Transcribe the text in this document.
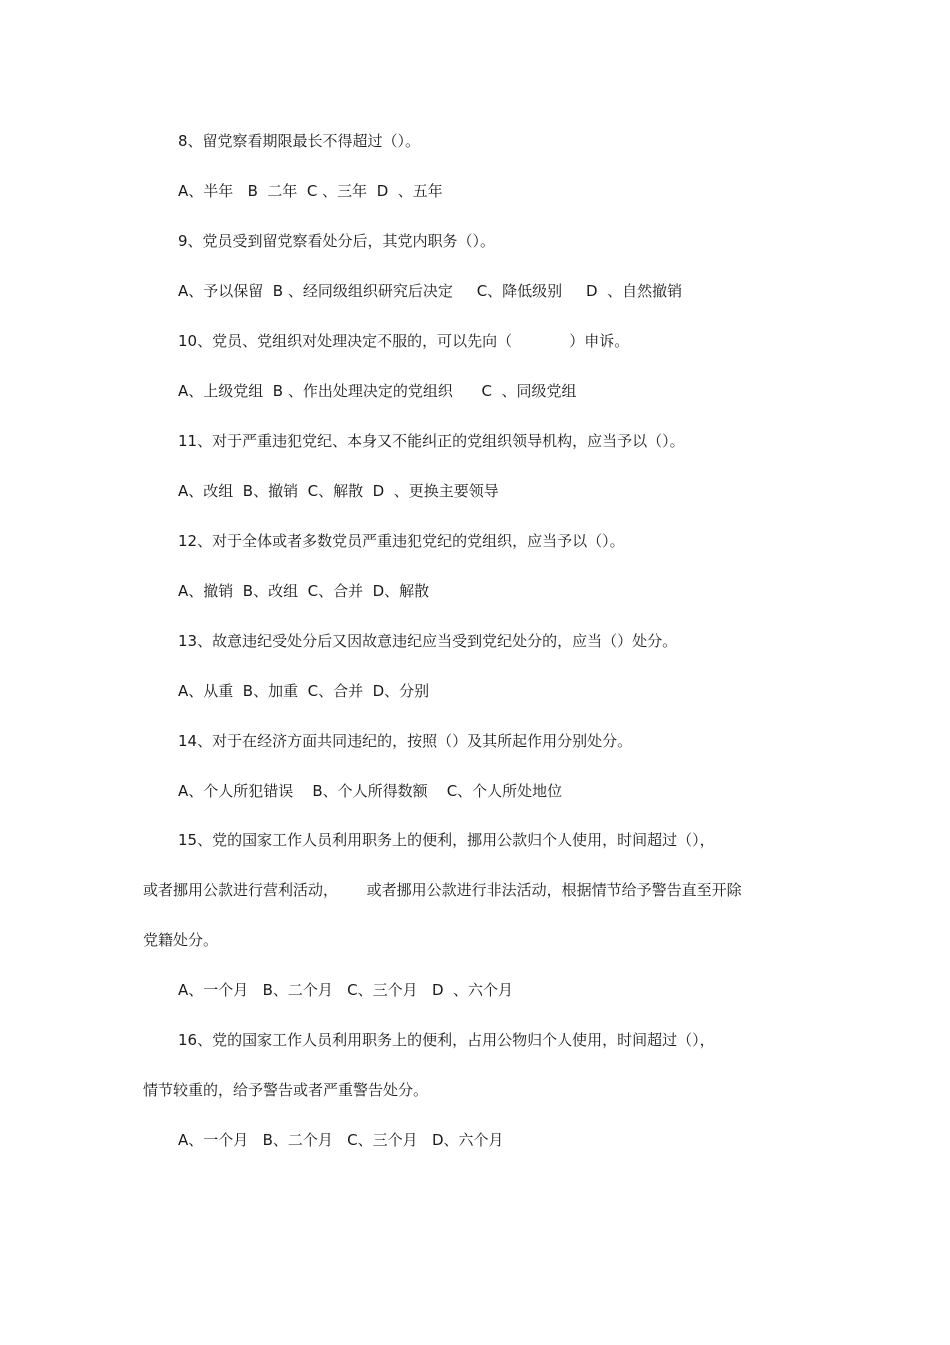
8、留党察看期限最长不得超过（）。
A、半年   B  二年  C 、三年  D  、五年
9、党员受到留党察看处分后，其党内职务（）。
A、予以保留  B 、经同级组织研究后决定     C、降低级别     D  、自然撤销
10、党员、党组织对处理决定不服的，可以先向（            ）申诉。
A、上级党组  B 、作出处理决定的党组织      C  、同级党组
11、对于严重违犯党纪、本身又不能纠正的党组织领导机构，应当予以（）。
A、改组  B、撤销  C、解散  D  、更换主要领导
12、对于全体或者多数党员严重违犯党纪的党组织，应当予以（）。
A、撤销  B、改组  C、合并  D、解散
13、故意违纪受处分后又因故意违纪应当受到党纪处分的，应当（）处分。
A、从重  B、加重  C、合并  D、分别
14、对于在经济方面共同违纪的，按照（）及其所起作用分别处分。
A、个人所犯错误    B、个人所得数额    C、个人所处地位
15、党的国家工作人员利用职务上的便利，挪用公款归个人使用，时间超过（），
或者挪用公款进行营利活动，      或者挪用公款进行非法活动，根据情节给予警告直至开除
党籍处分。
A、一个月   B、二个月   C、三个月   D  、六个月
16、党的国家工作人员利用职务上的便利，占用公物归个人使用，时间超过（），
情节较重的，给予警告或者严重警告处分。
A、一个月   B、二个月   C、三个月   D、六个月
